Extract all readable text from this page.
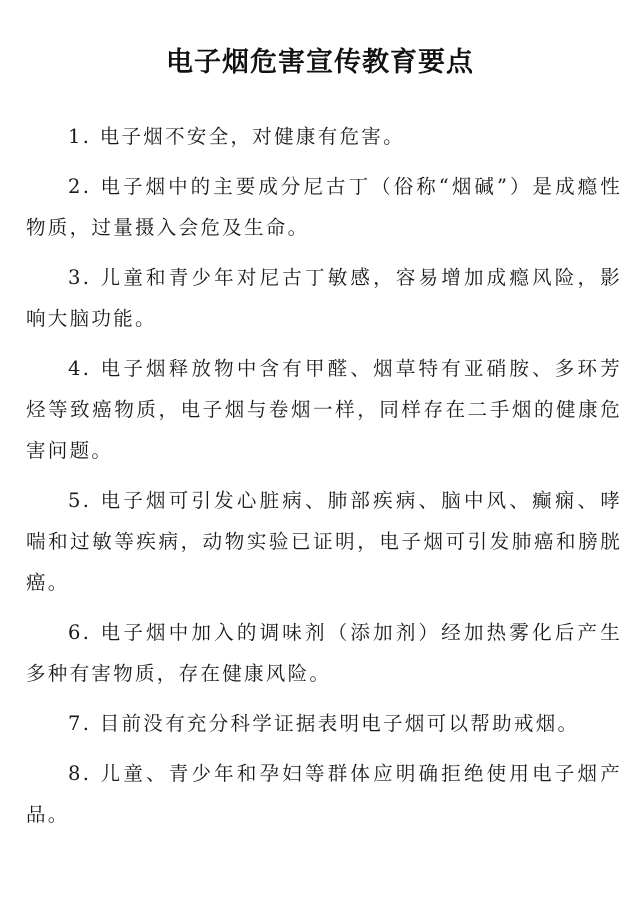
电子烟危害宣传教育要点
1. 电子烟不安全，对健康有危害。
2. 电子烟中的主要成分尼古丁（俗称“烟碱”）是成瘾性物质，过量摄入会危及生命。
3. 儿童和青少年对尼古丁敏感，容易增加成瘾风险，影响大脑功能。
4. 电子烟释放物中含有甲醛、烟草特有亚硝胺、多环芳烃等致癌物质，电子烟与卷烟一样，同样存在二手烟的健康危害问题。
5. 电子烟可引发心脏病、肺部疾病、脑中风、癫痫、哮喘和过敏等疾病，动物实验已证明，电子烟可引发肺癌和膀胱癌。
6. 电子烟中加入的调味剂（添加剂）经加热雾化后产生多种有害物质，存在健康风险。
7. 目前没有充分科学证据表明电子烟可以帮助戒烟。
8. 儿童、青少年和孕妇等群体应明确拒绝使用电子烟产品。
